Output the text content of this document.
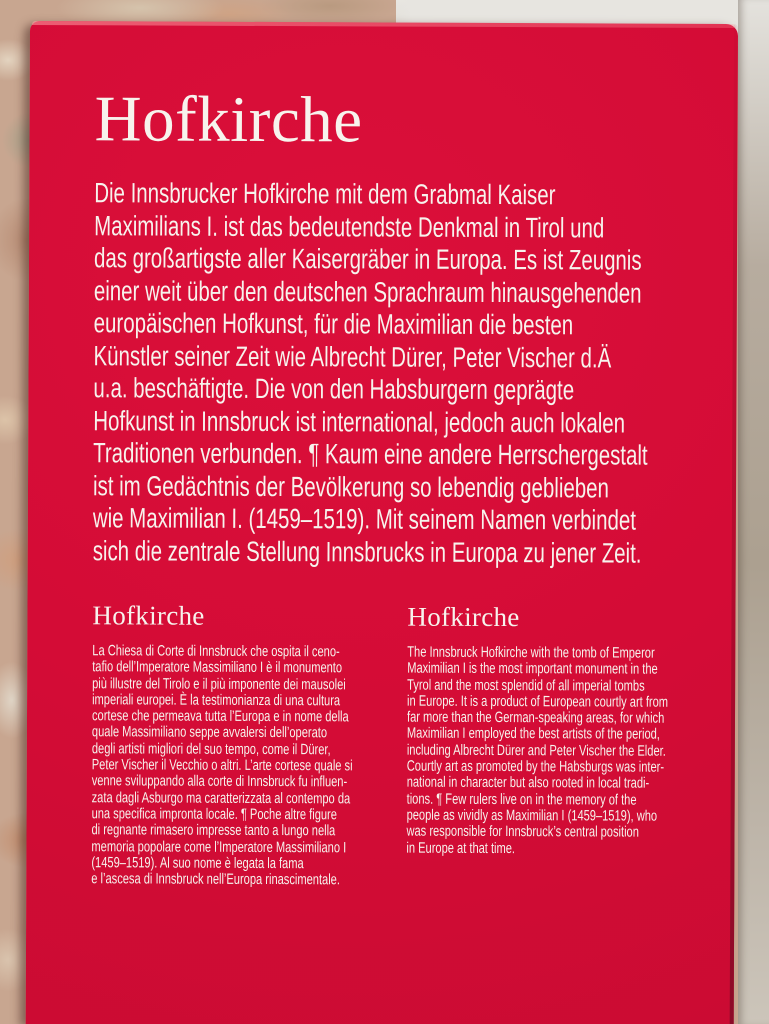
Hofkirche
Die Innsbrucker Hofkirche mit dem Grabmal Kaiser
Maximilians I. ist das bedeutendste Denkmal in Tirol und
das großartigste aller Kaisergräber in Europa. Es ist Zeugnis
einer weit über den deutschen Sprachraum hinausgehenden
europäischen Hofkunst, für die Maximilian die besten
Künstler seiner Zeit wie Albrecht Dürer, Peter Vischer d.Ä
u.a. beschäftigte. Die von den Habsburgern geprägte
Hofkunst in Innsbruck ist international, jedoch auch lokalen
Traditionen verbunden. ¶ Kaum eine andere Herrschergestalt
ist im Gedächtnis der Bevölkerung so lebendig geblieben
wie Maximilian I. (1459–1519). Mit seinem Namen verbindet
sich die zentrale Stellung Innsbrucks in Europa zu jener Zeit.
Hofkirche
La Chiesa di Corte di Innsbruck che ospita il ceno-
tafio dell’Imperatore Massimiliano I è il monumento
più illustre del Tirolo e il più imponente dei mausolei
imperiali europei. È la testimonianza di una cultura
cortese che permeava tutta l’Europa e in nome della
quale Massimiliano seppe avvalersi dell’operato
degli artisti migliori del suo tempo, come il Dürer,
Peter Vischer il Vecchio o altri. L’arte cortese quale si
venne sviluppando alla corte di Innsbruck fu influen-
zata dagli Asburgo ma caratterizzata al contempo da
una specifica impronta locale. ¶ Poche altre figure
di regnante rimasero impresse tanto a lungo nella
memoria popolare come l’Imperatore Massimiliano I
(1459–1519). Al suo nome è legata la fama
e l’ascesa di Innsbruck nell’Europa rinascimentale.
Hofkirche
The Innsbruck Hofkirche with the tomb of Emperor
Maximilian I is the most important monument in the
Tyrol and the most splendid of all imperial tombs
in Europe. It is a product of European courtly art from
far more than the German-speaking areas, for which
Maximilian I employed the best artists of the period,
including Albrecht Dürer and Peter Vischer the Elder.
Courtly art as promoted by the Habsburgs was inter-
national in character but also rooted in local tradi-
tions. ¶ Few rulers live on in the memory of the
people as vividly as Maximilian I (1459–1519), who
was responsible for Innsbruck’s central position
in Europe at that time.
